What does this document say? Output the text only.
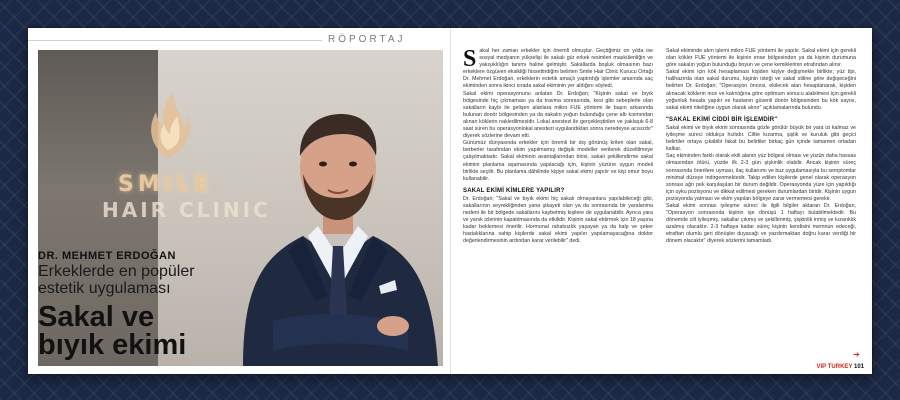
RÖPORTAJ
SMILE
HAIR CLINIC
DR. MEHMET ERDOĞAN
Erkeklerde en popüler
estetik uygulaması
Sakal ve
bıyık ekimi
S akal her zaman erkekler için önemli olmuştur. Geçtiğimiz on yılda ise sosyal medyanın yükselişi ile sakalı gür erkek resimleri maskülenliğin ve yakışıklılığın tanımı haline gelmiştir. Sakallarda boşluk olmasının bazı erkeklere özgüven eksikliği hissettirdiğini belirten Smile Hair Clinic Kurucu Ortağı Dr. Mehmet Erdoğan, erkeklerin estetik amaçlı yaptırdığı işlemler arasında saç ekiminden sonra ikinci sırada sakal ekiminin yer aldığını söyledi.

Sakal ekimi operasyonunu anlatan Dr. Erdoğan; "Kişinin sakal ve bıyık bölgesinde hiç çıkmaması ya da travma sonrasında, kesi gibi sebeplerle olan sakalların kaybı ile gelişen alanlara mikro FUE yöntemi ile başın arkasında bulunan donör bölgesinden ya da sakalın yoğun bulunduğu çene altı kısmından alınan köklerin nakledilmesidir. Lokal anestezi ile gerçekleştirilen ve yaklaşık 6-8 saat süren bu operasyonlokal anestezi uygulandıktan sonra neredeyse acısızdır" diyerek sözlerine devam etti.

Günümüz dünyasında erkekler için önemli bir dış görünüş kriteri olan sakal, berberler tarafından ekim yapılmamış değişik modeller verilerek düzeltilmeye çalışılmaktadır. Sakal ekiminin avantajlarından birisi, sakalı şekillendirme sakal ekimini planlama aşamasında yapılacağı için, kişinin yüzüne uygun modeli birlikte seçilir. Bu planlama dâhilinde kişiye sakal ekimi yapılır ve kişi omur boyu kullanabilir.

SAKAL EKİMİ KİMLERE YAPILIR?

Dr. Erdoğan; "Sakal ve bıyık ekimi hiç sakalı olmayanlara yapılabileceği gibi, sakallarının seyrekliğinden yana şikayeti olan ya da sonrasında bir yaralanma nedeni ile bir bölgede sakallarını kaybetmiş kişilere de uygulanabilir. Ayrıca yara ve yanık izlerinin kapatılmasında da etkilidir. Kişinin sakal ektirmek için 18 yaşına kadar beklemesi önerilir. Hormonal rahatsızlık yaşayan ya da kalp ve şeker hastalıklarına sahip kişilerde sakal ekimi yapılırı yapılamayacağına doktor değerlendirmesinin ardından karar verilebilir" dedi.

Sakal ekiminde alım işlemi mikro FUE yöntemi ile yapılır. Sakal ekimi için gerekli olan kökler FUE yöntemi ile kişinin ense bölgesinden ya da kişinin durumuna göre sakalın yoğun bulunduğu boyun ve çene kemiklerinin etrafından alınır.

Sakal ekimi için kök hesaplaması kişiden kişiye değişmekle birlikte; yüz tipi, halihazırda olan sakal durumu, kişinin isteği ve sakal stiline göre değişeceğini belirten Dr. Erdoğan; "Operasyon öncesi, ekilecek alan hesaplanarak, kişiden alınacak köklerin ince ve kalınlığına göre optimum sonucu alabilmesi için gerekli yoğunluk hesabı yapılır ve hastanın güvenli donör bölgesinden bu kök sayısı, sakal ekimi niteliğine uygun olarak alınır" açıklamalarında bulundu.

"SAKAL EKİMİ CİDDİ BİR İŞLEMDİR"

Sakal ekimi ve bıyık ekimi sonrasında gözle görülür büyük bir yara izi kalmaz ve iyileşme süreci oldukça hızlıdır. Ciltte kızarma, şişlik ve kuruluk gibi geçici belirtiler ortaya çıkabilir fakat bu belirtiler birkaç gün içinde tamamen ortadan kalkar.

Saç ekiminden farklı olarak ekili alanın yüz bölgesi olması ve yüzün daha hassas olmasından ötürü, yüzde ilk 2-3 gün şişkinlik olabilir. Ancak kişinin süreç sonrasında önerilere uyması, ilaç kullanımı ve buz uygulamasıyla bu semptomlar minimal düzeye indirgenmektedir. Takip edilen kişilerde genel olarak operasyon sonrası ağrı pek karşılaşılan bir durum değildir. Operasyonda yüze için yapıldığı için uyku pozisyonu ve dikkat edilmesi gereken durumlardan biridir. Kişinin uygun pozisyonda yatması ve ekim yapılan bölgeye zarar vermemesi gerekir.

Sakal ekimi sonrası iyileşme süreci ile ilgili bilgiler aktaran Dr. Erdoğan, "Operasyon sonrasında kişinin işe dönüşü 1 haftayı bulabilmektedir. Bu dönemde cilt iyileşmiş, sakallar çıkmış ve şekillenmiş, şişkinlik inmiş ve kızarıklık azalmış olacaktır. 2-3 haftaya kadar süreç kişinin kendisini memnun edeceği, etraftan olumlu geri dönüşler duyacağı ve yazdırmaktan doğru karar verdiği bir dönem olacaktır" diyerek sözlerini tamamladı.

➔
VIP TURKEY 101
